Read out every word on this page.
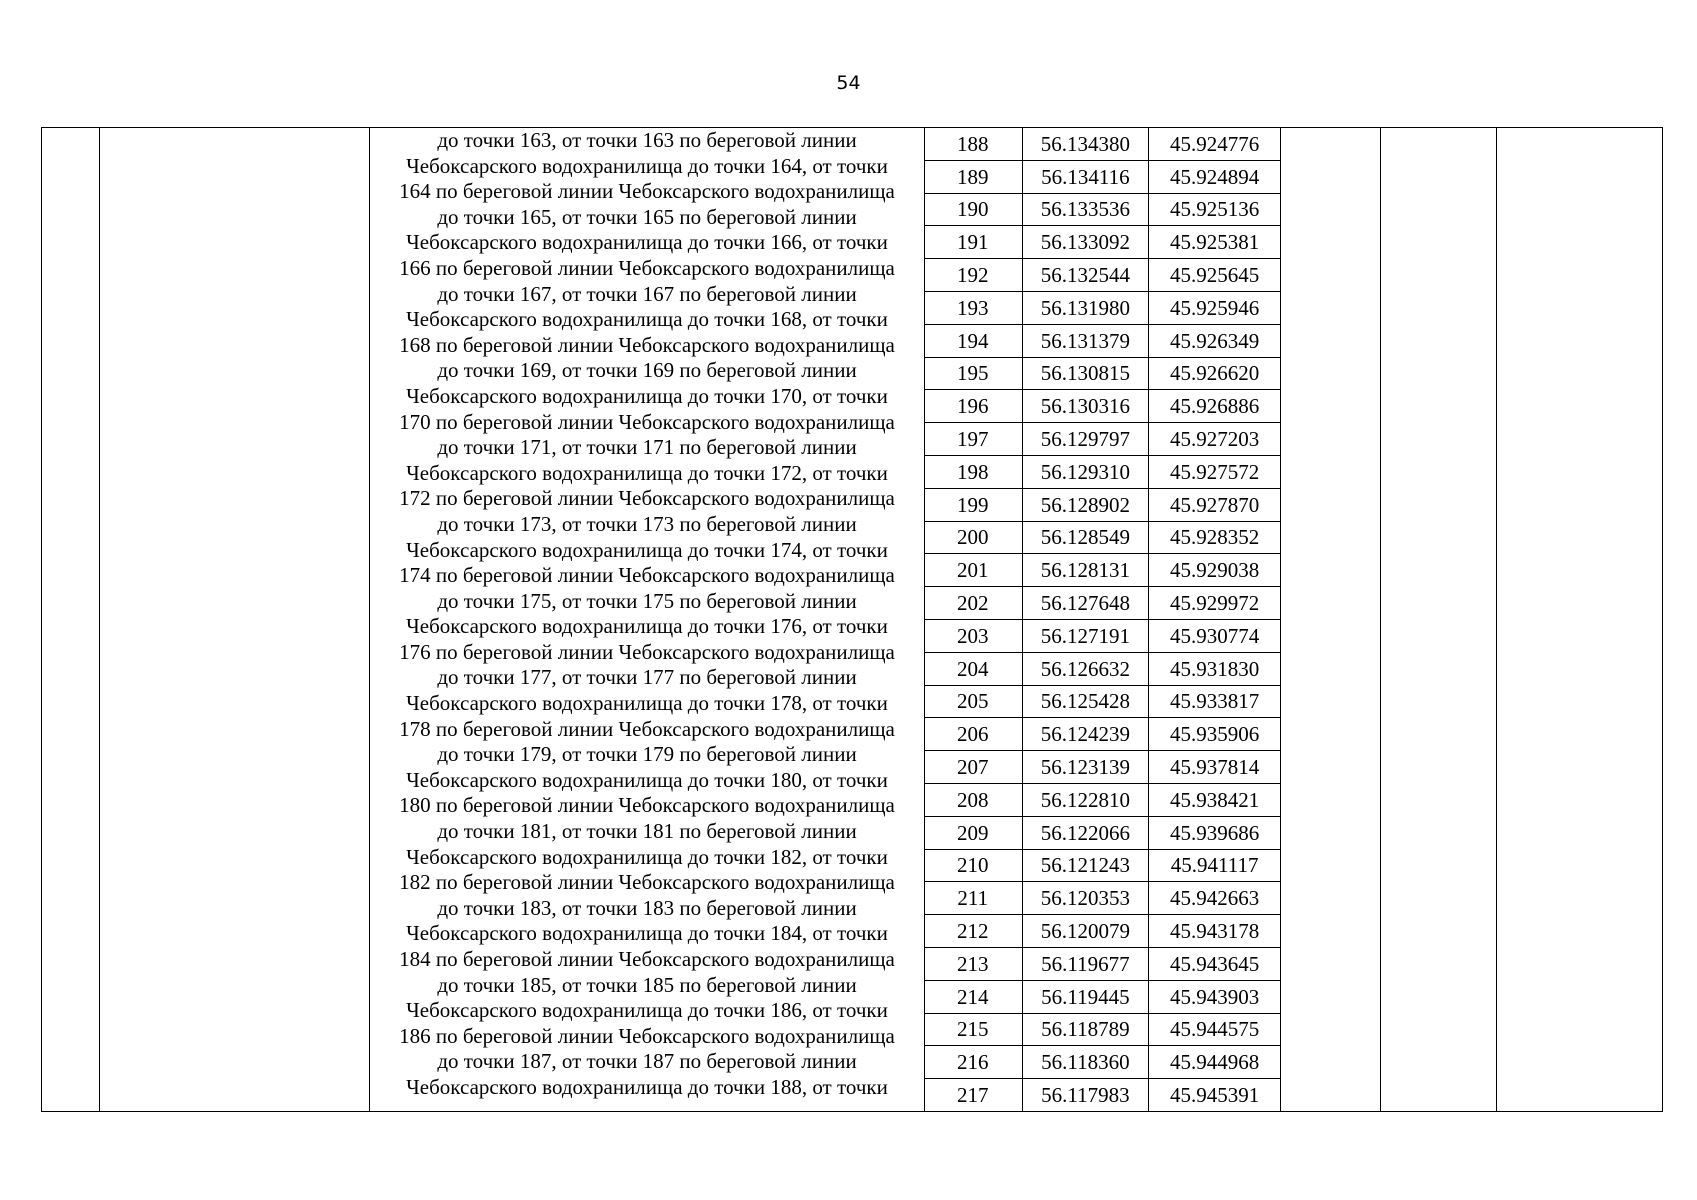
54
до точки 163, от точки 163 по береговой линии
Чебоксарского водохранилища до точки 164, от точки
164 по береговой линии Чебоксарского водохранилища
до точки 165, от точки 165 по береговой линии
Чебоксарского водохранилища до точки 166, от точки
166 по береговой линии Чебоксарского водохранилища
до точки 167, от точки 167 по береговой линии
Чебоксарского водохранилища до точки 168, от точки
168 по береговой линии Чебоксарского водохранилища
до точки 169, от точки 169 по береговой линии
Чебоксарского водохранилища до точки 170, от точки
170 по береговой линии Чебоксарского водохранилища
до точки 171, от точки 171 по береговой линии
Чебоксарского водохранилища до точки 172, от точки
172 по береговой линии Чебоксарского водохранилища
до точки 173, от точки 173 по береговой линии
Чебоксарского водохранилища до точки 174, от точки
174 по береговой линии Чебоксарского водохранилища
до точки 175, от точки 175 по береговой линии
Чебоксарского водохранилища до точки 176, от точки
176 по береговой линии Чебоксарского водохранилища
до точки 177, от точки 177 по береговой линии
Чебоксарского водохранилища до точки 178, от точки
178 по береговой линии Чебоксарского водохранилища
до точки 179, от точки 179 по береговой линии
Чебоксарского водохранилища до точки 180, от точки
180 по береговой линии Чебоксарского водохранилища
до точки 181, от точки 181 по береговой линии
Чебоксарского водохранилища до точки 182, от точки
182 по береговой линии Чебоксарского водохранилища
до точки 183, от точки 183 по береговой линии
Чебоксарского водохранилища до точки 184, от точки
184 по береговой линии Чебоксарского водохранилища
до точки 185, от точки 185 по береговой линии
Чебоксарского водохранилища до точки 186, от точки
186 по береговой линии Чебоксарского водохранилища
до точки 187, от точки 187 по береговой линии
Чебоксарского водохранилища до точки 188, от точки
188	56.134380	45.924776
189	56.134116	45.924894
190	56.133536	45.925136
191	56.133092	45.925381
192	56.132544	45.925645
193	56.131980	45.925946
194	56.131379	45.926349
195	56.130815	45.926620
196	56.130316	45.926886
197	56.129797	45.927203
198	56.129310	45.927572
199	56.128902	45.927870
200	56.128549	45.928352
201	56.128131	45.929038
202	56.127648	45.929972
203	56.127191	45.930774
204	56.126632	45.931830
205	56.125428	45.933817
206	56.124239	45.935906
207	56.123139	45.937814
208	56.122810	45.938421
209	56.122066	45.939686
210	56.121243	45.941117
211	56.120353	45.942663
212	56.120079	45.943178
213	56.119677	45.943645
214	56.119445	45.943903
215	56.118789	45.944575
216	56.118360	45.944968
217	56.117983	45.945391
